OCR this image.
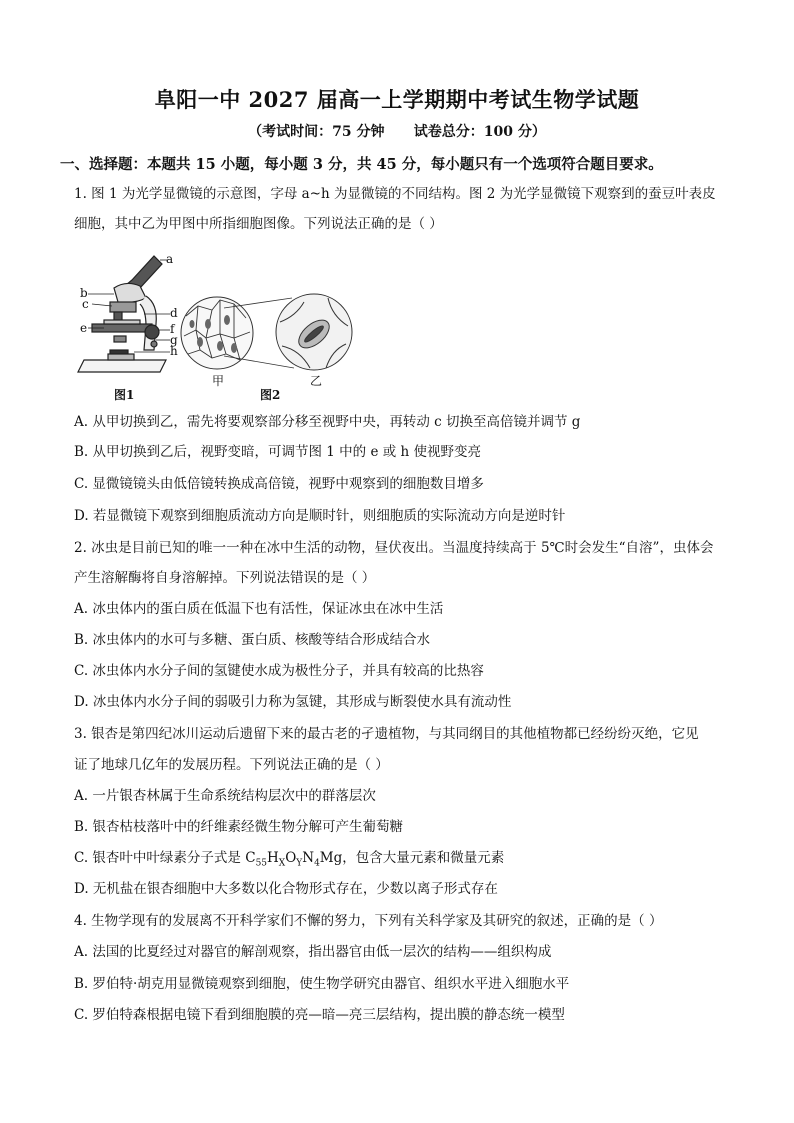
阜阳一中 2027 届高一上学期期中考试生物学试题
（考试时间：75 分钟      试卷总分：100 分）
一、选择题：本题共 15 小题，每小题 3 分，共 45 分，每小题只有一个选项符合题目要求。
1. 图 1 为光学显微镜的示意图，字母 a~h 为显微镜的不同结构。图 2 为光学显微镜下观察到的蚕豆叶表皮
细胞，其中乙为甲图中所指细胞图像。下列说法正确的是（ ）
a
b
c
d
e	f
g
h
图1
甲
图2
乙
A. 从甲切换到乙，需先将要观察部分移至视野中央，再转动 c 切换至高倍镜并调节 g
B. 从甲切换到乙后，视野变暗，可调节图 1 中的 e 或 h 使视野变亮
C. 显微镜镜头由低倍镜转换成高倍镜，视野中观察到的细胞数目增多
D. 若显微镜下观察到细胞质流动方向是顺时针，则细胞质的实际流动方向是逆时针
2. 冰虫是目前已知的唯一一种在冰中生活的动物，昼伏夜出。当温度持续高于 5℃时会发生“自溶”，虫体会
产生溶解酶将自身溶解掉。下列说法错误的是（ ）
A. 冰虫体内的蛋白质在低温下也有活性，保证冰虫在冰中生活
B. 冰虫体内的水可与多糖、蛋白质、核酸等结合形成结合水
C. 冰虫体内水分子间的氢键使水成为极性分子，并具有较高的比热容
D. 冰虫体内水分子间的弱吸引力称为氢键，其形成与断裂使水具有流动性
3. 银杏是第四纪冰川运动后遗留下来的最古老的孑遗植物，与其同纲目的其他植物都已经纷纷灭绝，它见
证了地球几亿年的发展历程。下列说法正确的是（ ）
A. 一片银杏林属于生命系统结构层次中的群落层次
B. 银杏枯枝落叶中的纤维素经微生物分解可产生葡萄糖
C. 银杏叶中叶绿素分子式是 $C_{55}H_XO_YN_4Mg$，包含大量元素和微量元素
D. 无机盐在银杏细胞中大多数以化合物形式存在，少数以离子形式存在
4. 生物学现有的发展离不开科学家们不懈的努力，下列有关科学家及其研究的叙述，正确的是（ ）
A. 法国的比夏经过对器官的解剖观察，指出器官由低一层次的结构——组织构成
B. 罗伯特·胡克用显微镜观察到细胞，使生物学研究由器官、组织水平进入细胞水平
C. 罗伯特森根据电镜下看到细胞膜的亮—暗—亮三层结构，提出膜的静态统一模型
